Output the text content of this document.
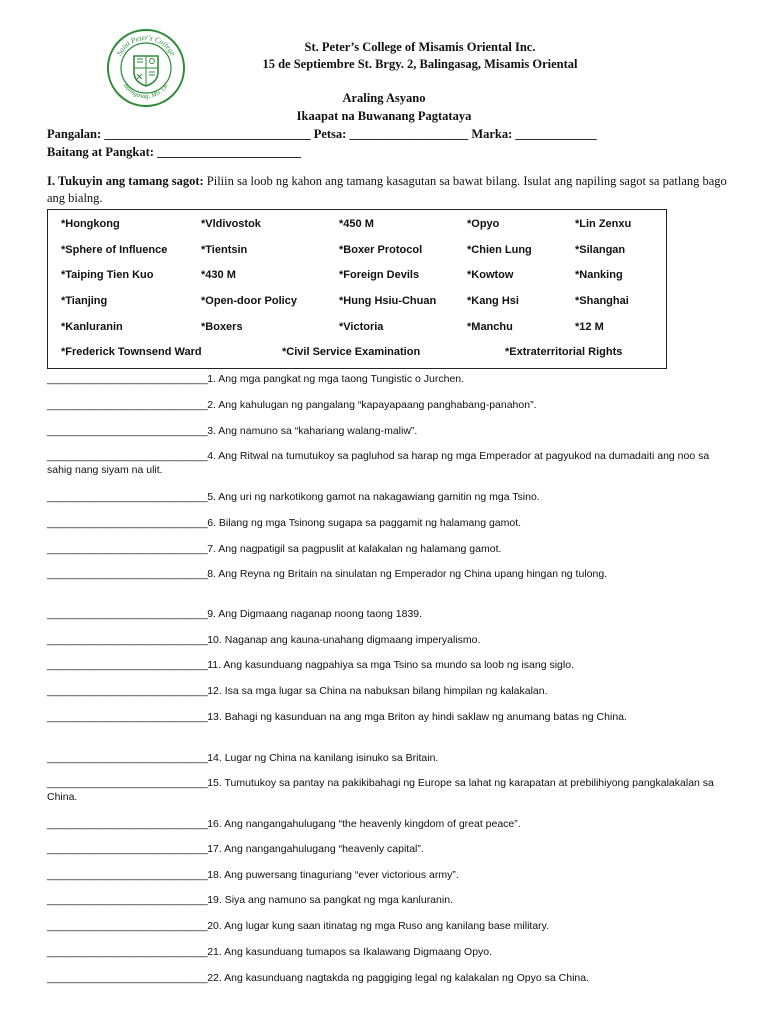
Saint Peter's College
Balingasag, Mis. Or.
St. Peter’s College of Misamis Oriental Inc.
15 de Septiembre St. Brgy. 2, Balingasag, Misamis Oriental
Araling Asyano
Ikaapat na Buwanang Pagtataya
Pangalan: _________________________________ Petsa: ___________________ Marka: _____________
Baitang at Pangkat: _______________________
I. Tukuyin ang tamang sagot: Piliin sa loob ng kahon ang tamang kasagutan sa bawat bilang. Isulat ang napiling sagot sa patlang bago ang bialng.
*Hongkong	*Vldivostok	*450 M	*Opyo	*Lin Zenxu
*Sphere of Influence	*Tientsin	*Boxer Protocol	*Chien Lung	*Silangan
*Taiping Tien Kuo	*430 M	*Foreign Devils	*Kowtow	*Nanking
*Tianjing	*Open-door Policy	*Hung Hsiu-Chuan	*Kang Hsi	*Shanghai
*Kanluranin	*Boxers	*Victoria	*Manchu	*12 M
*Frederick Townsend Ward	*Civil Service Examination	*Extraterritorial Rights
______________________________1. Ang mga pangkat ng mga taong Tungistic o Jurchen.
______________________________2. Ang kahulugan ng pangalang “kapayapaang panghabang-panahon”.
______________________________3. Ang namuno sa “kahariang walang-maliw”.
______________________________4. Ang Ritwal na tumutukoy sa pagluhod sa harap ng mga Emperador at pagyukod na dumadaiti ang noo sa sahig nang siyam na ulit.
______________________________5. Ang uri ng narkotikong gamot na nakagawiang gamitin ng mga Tsino.
______________________________6. Bilang ng mga Tsinong sugapa sa paggamit ng halamang gamot.
______________________________7. Ang nagpatigil sa pagpuslit at kalakalan ng halamang gamot.
______________________________8. Ang Reyna ng Britain na sinulatan ng Emperador ng China upang hingan ng tulong.
______________________________9. Ang Digmaang naganap noong taong 1839.
______________________________10. Naganap ang kauna-unahang digmaang imperyalismo.
______________________________11. Ang kasunduang nagpahiya sa mga Tsino sa mundo sa loob ng isang siglo.
______________________________12. Isa sa mga lugar sa China na nabuksan bilang himpilan ng kalakalan.
______________________________13. Bahagi ng kasunduan na ang mga Briton ay hindi saklaw ng anumang batas ng China.
______________________________14. Lugar ng China na kanilang isinuko sa Britain.
______________________________15. Tumutukoy sa pantay na pakikibahagi ng Europe sa lahat ng karapatan at prebilihiyong pangkalakalan sa China.
______________________________16. Ang nangangahulugang “the heavenly kingdom of great peace”.
______________________________17. Ang nangangahulugang “heavenly capital”.
______________________________18. Ang puwersang tinaguriang “ever victorious army”.
______________________________19. Siya ang namuno sa pangkat ng mga kanluranin.
______________________________20. Ang lugar kung saan itinatag ng mga Ruso ang kanilang base military.
______________________________21. Ang kasunduang tumapos sa Ikalawang Digmaang Opyo.
______________________________22. Ang kasunduang nagtakda ng paggiging legal ng kalakalan ng Opyo sa China.
